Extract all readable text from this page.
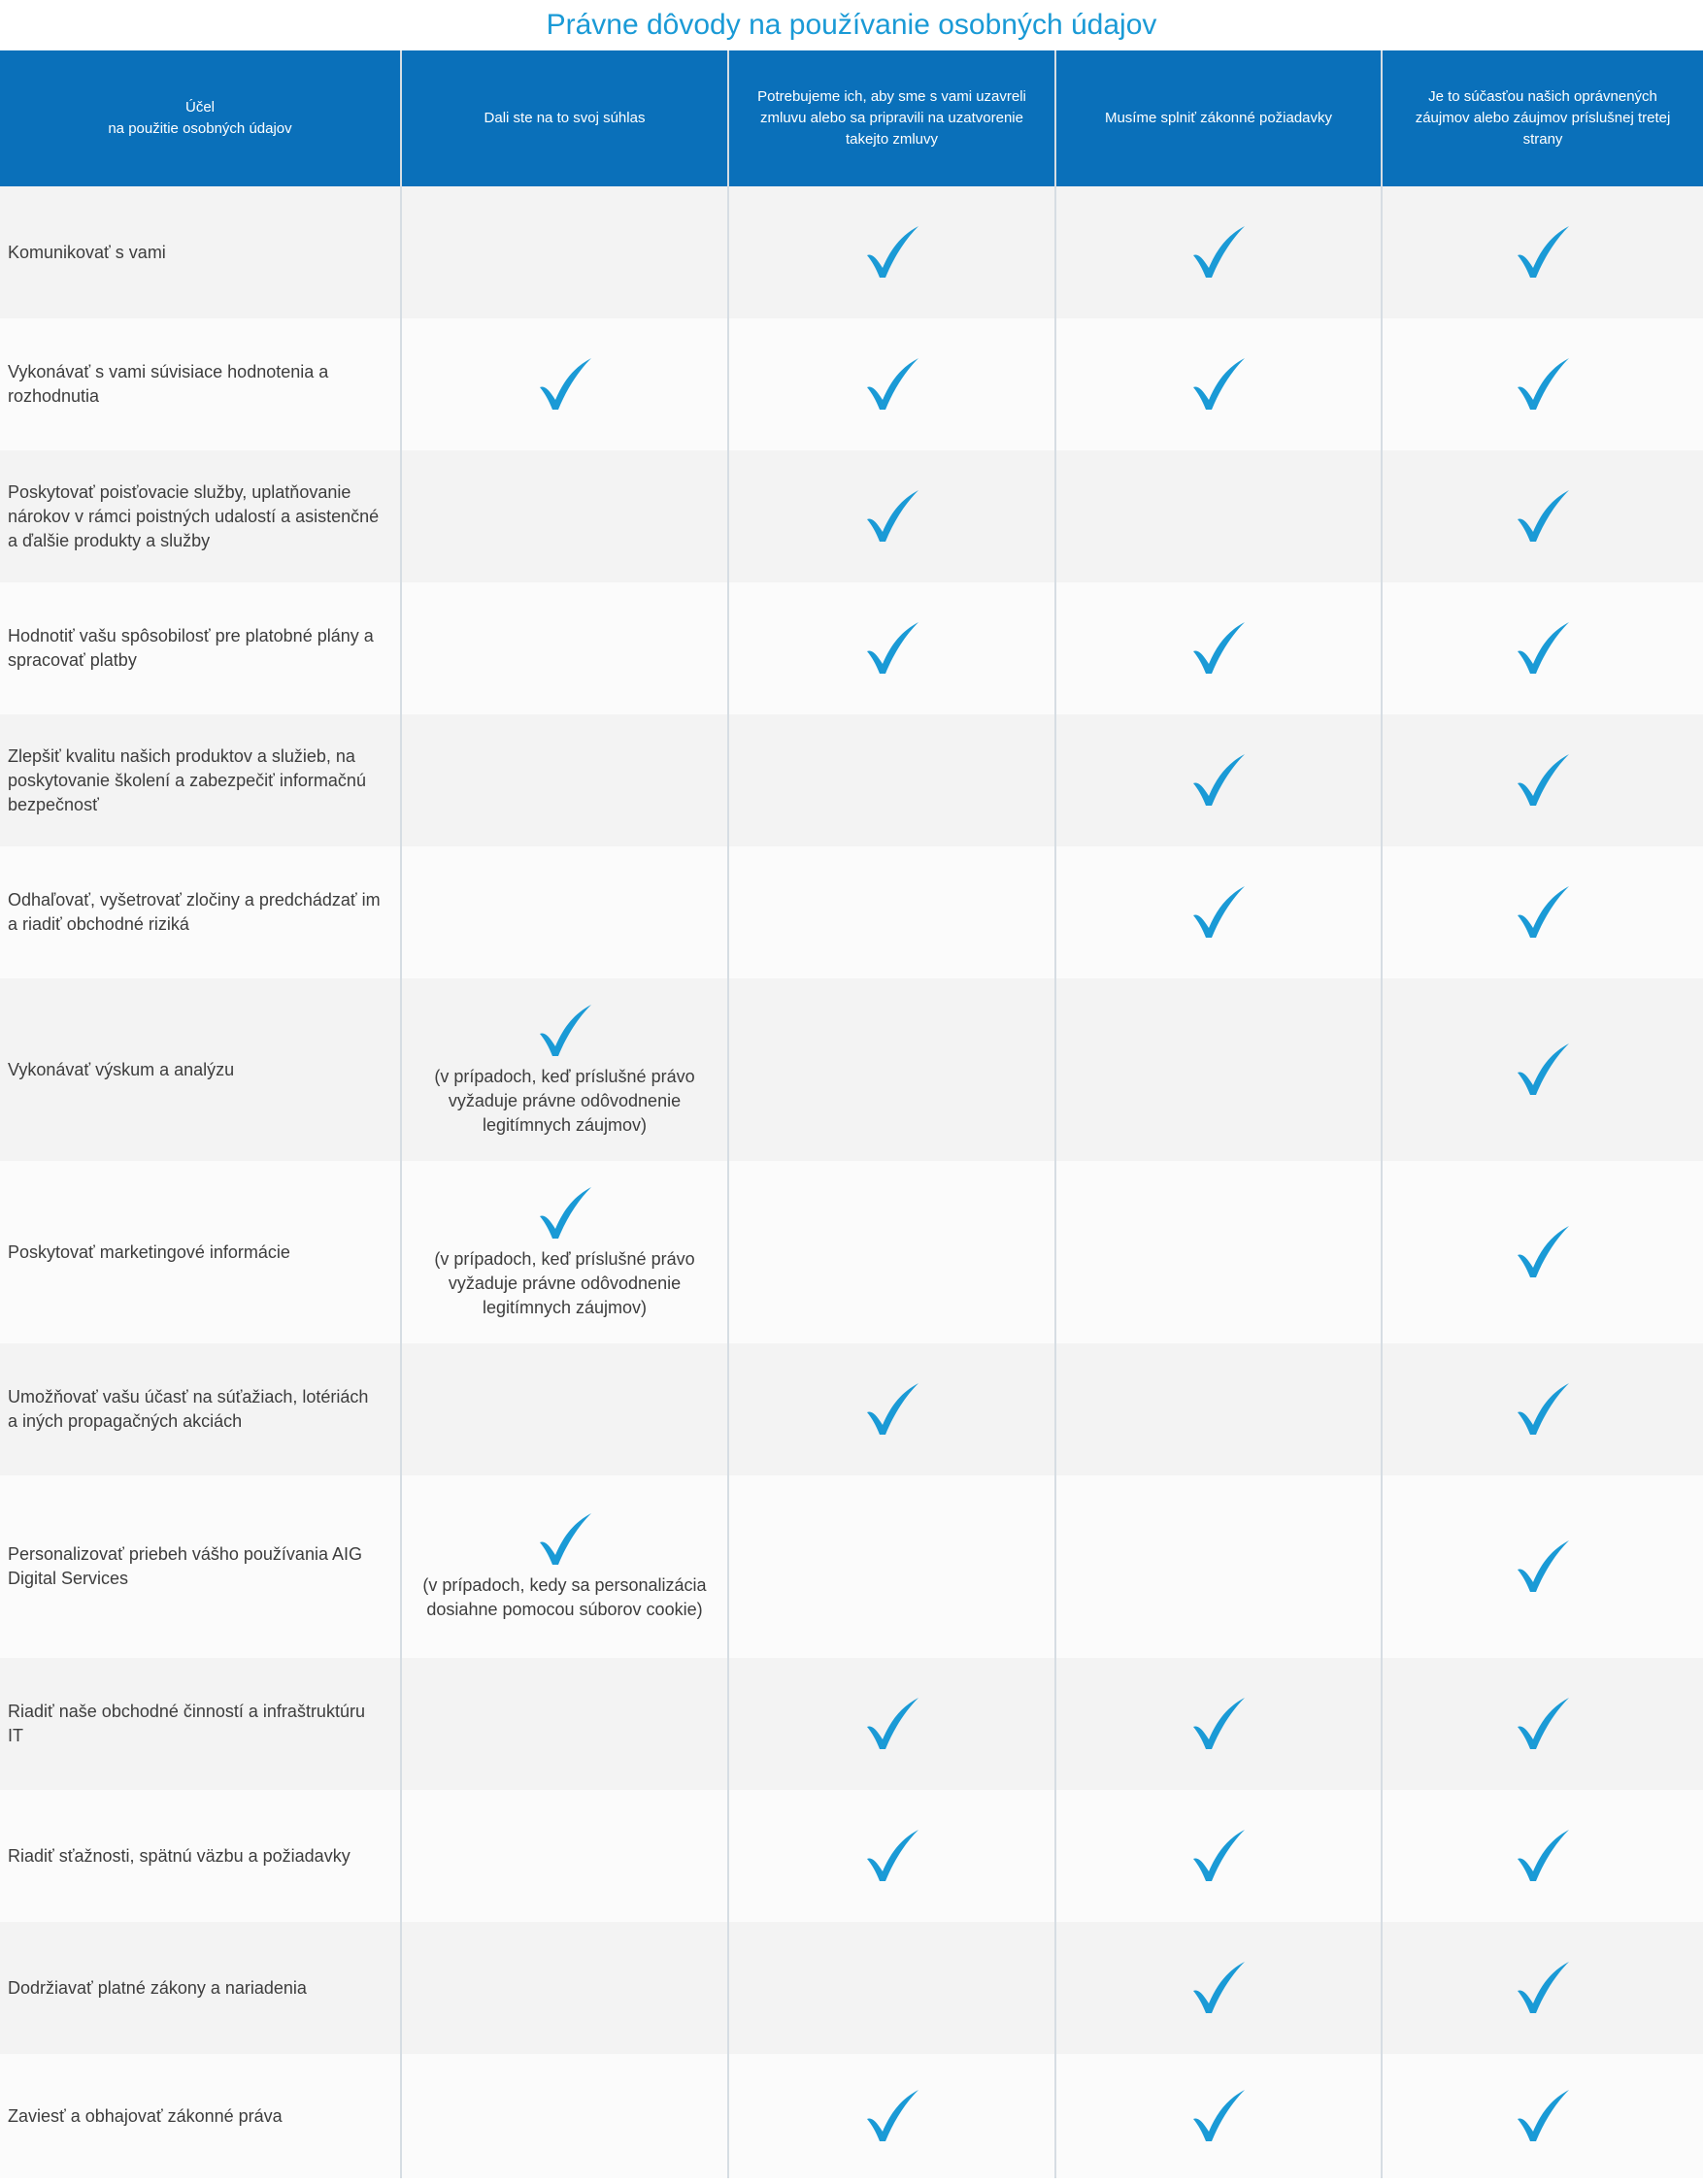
Právne dôvody na používanie osobných údajov
Účel
na použitie osobných údajov	Dali ste na to svoj súhlas	Potrebujeme ich, aby sme s vami uzavreli zmluvu alebo sa pripravili na uzatvorenie takejto zmluvy	Musíme splniť zákonné požiadavky	Je to súčasťou našich oprávnených záujmov alebo záujmov príslušnej tretej strany
Komunikovať s vami	

Vykonávať s vami súvisiace hodnotenia a rozhodnutia	

Poskytovať poisťovacie služby, uplatňovanie nárokov v rámci poistných udalostí a asistenčné a ďalšie produkty a služby	

Hodnotiť vašu spôsobilosť pre platobné plány a spracovať platby	

Zlepšiť kvalitu našich produktov a služieb, na poskytovanie školení a zabezpečiť informačnú bezpečnosť	

Odhaľovať, vyšetrovať zločiny a predchádzať im a riadiť obchodné riziká	

Vykonávať výskum a analýzu	(v prípadoch, keď príslušné právo vyžaduje právne odôvodnenie legitímnych záujmov)

Poskytovať marketingové informácie	(v prípadoch, keď príslušné právo vyžaduje právne odôvodnenie legitímnych záujmov)

Umožňovať vašu účasť na súťažiach, lotériách a iných propagačných akciách	

Personalizovať priebeh vášho používania AIG Digital Services	(v prípadoch, kedy sa personalizácia dosiahne pomocou súborov cookie)

Riadiť naše obchodné činností a infraštruktúru IT	

Riadiť sťažnosti, spätnú väzbu a požiadavky	

Dodržiavať platné zákony a nariadenia	

Zaviesť a obhajovať zákonné práva	
